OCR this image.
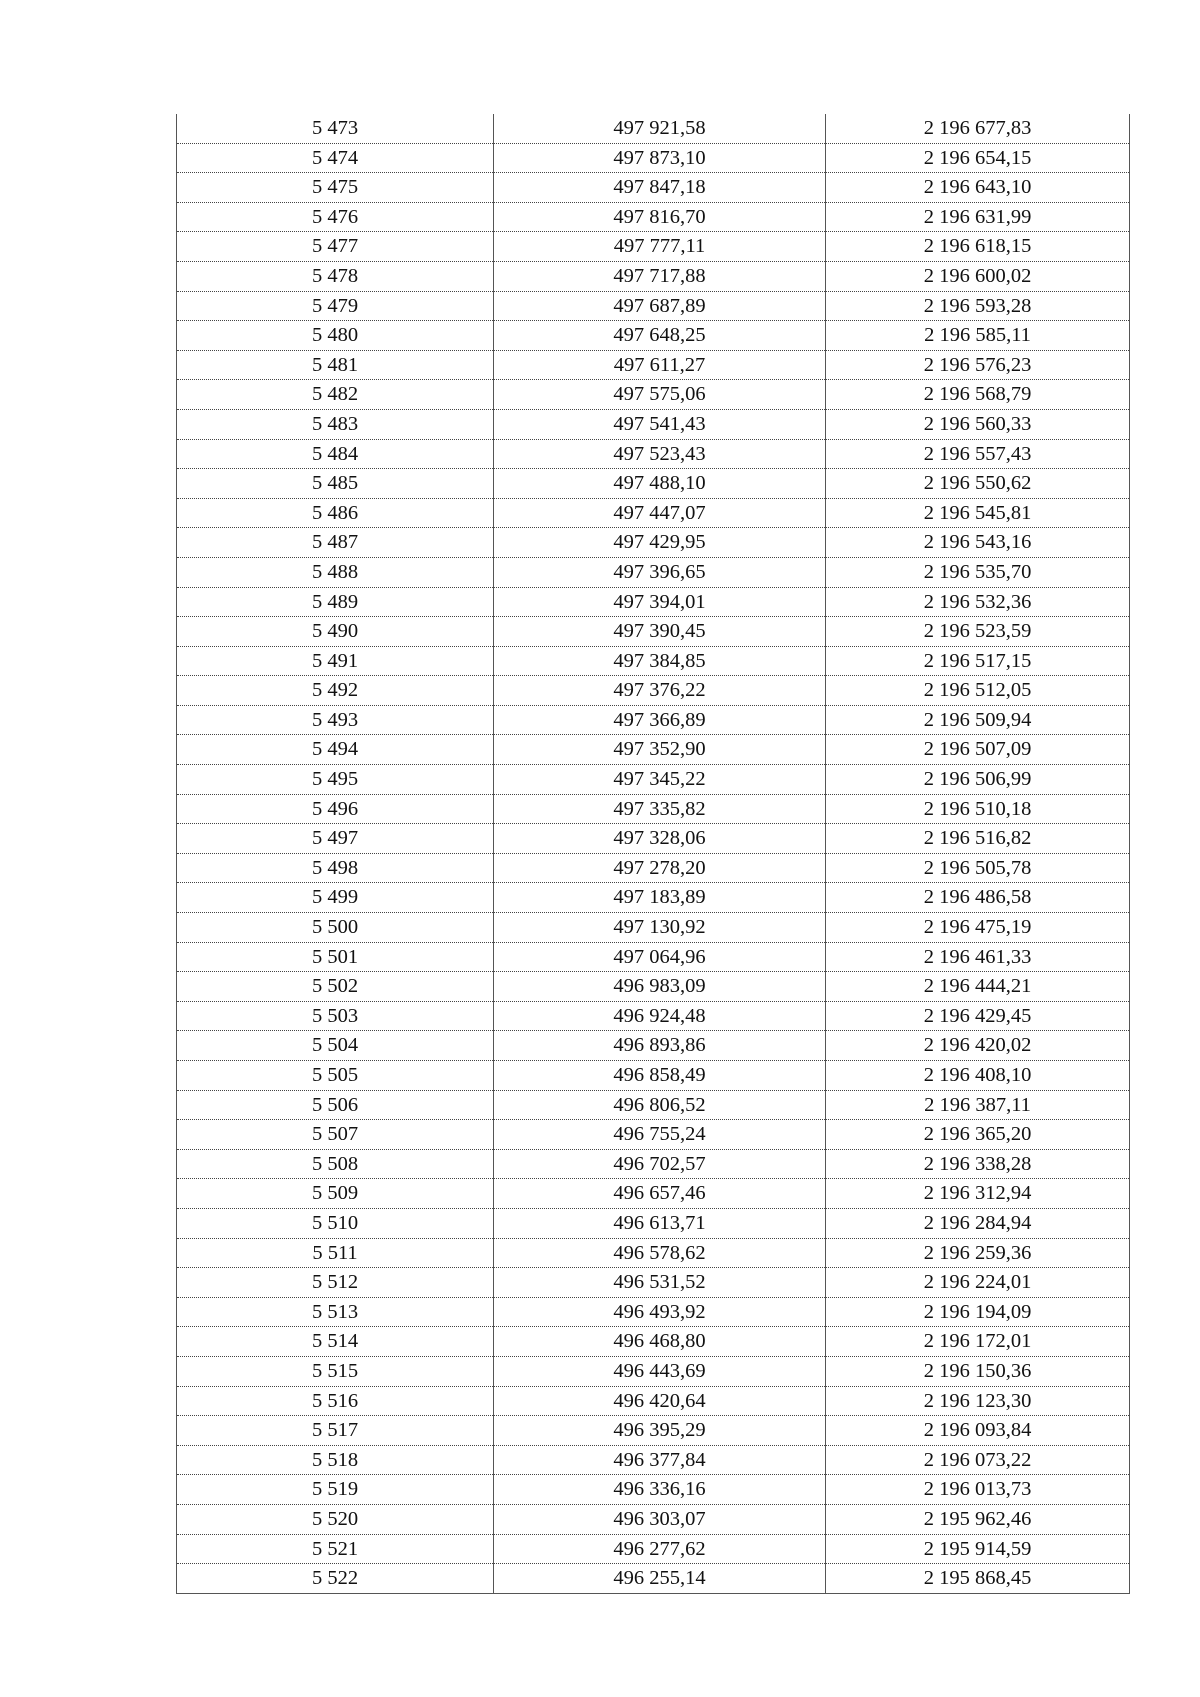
5 473	497 921,58	2 196 677,83
5 474	497 873,10	2 196 654,15
5 475	497 847,18	2 196 643,10
5 476	497 816,70	2 196 631,99
5 477	497 777,11	2 196 618,15
5 478	497 717,88	2 196 600,02
5 479	497 687,89	2 196 593,28
5 480	497 648,25	2 196 585,11
5 481	497 611,27	2 196 576,23
5 482	497 575,06	2 196 568,79
5 483	497 541,43	2 196 560,33
5 484	497 523,43	2 196 557,43
5 485	497 488,10	2 196 550,62
5 486	497 447,07	2 196 545,81
5 487	497 429,95	2 196 543,16
5 488	497 396,65	2 196 535,70
5 489	497 394,01	2 196 532,36
5 490	497 390,45	2 196 523,59
5 491	497 384,85	2 196 517,15
5 492	497 376,22	2 196 512,05
5 493	497 366,89	2 196 509,94
5 494	497 352,90	2 196 507,09
5 495	497 345,22	2 196 506,99
5 496	497 335,82	2 196 510,18
5 497	497 328,06	2 196 516,82
5 498	497 278,20	2 196 505,78
5 499	497 183,89	2 196 486,58
5 500	497 130,92	2 196 475,19
5 501	497 064,96	2 196 461,33
5 502	496 983,09	2 196 444,21
5 503	496 924,48	2 196 429,45
5 504	496 893,86	2 196 420,02
5 505	496 858,49	2 196 408,10
5 506	496 806,52	2 196 387,11
5 507	496 755,24	2 196 365,20
5 508	496 702,57	2 196 338,28
5 509	496 657,46	2 196 312,94
5 510	496 613,71	2 196 284,94
5 511	496 578,62	2 196 259,36
5 512	496 531,52	2 196 224,01
5 513	496 493,92	2 196 194,09
5 514	496 468,80	2 196 172,01
5 515	496 443,69	2 196 150,36
5 516	496 420,64	2 196 123,30
5 517	496 395,29	2 196 093,84
5 518	496 377,84	2 196 073,22
5 519	496 336,16	2 196 013,73
5 520	496 303,07	2 195 962,46
5 521	496 277,62	2 195 914,59
5 522	496 255,14	2 195 868,45
